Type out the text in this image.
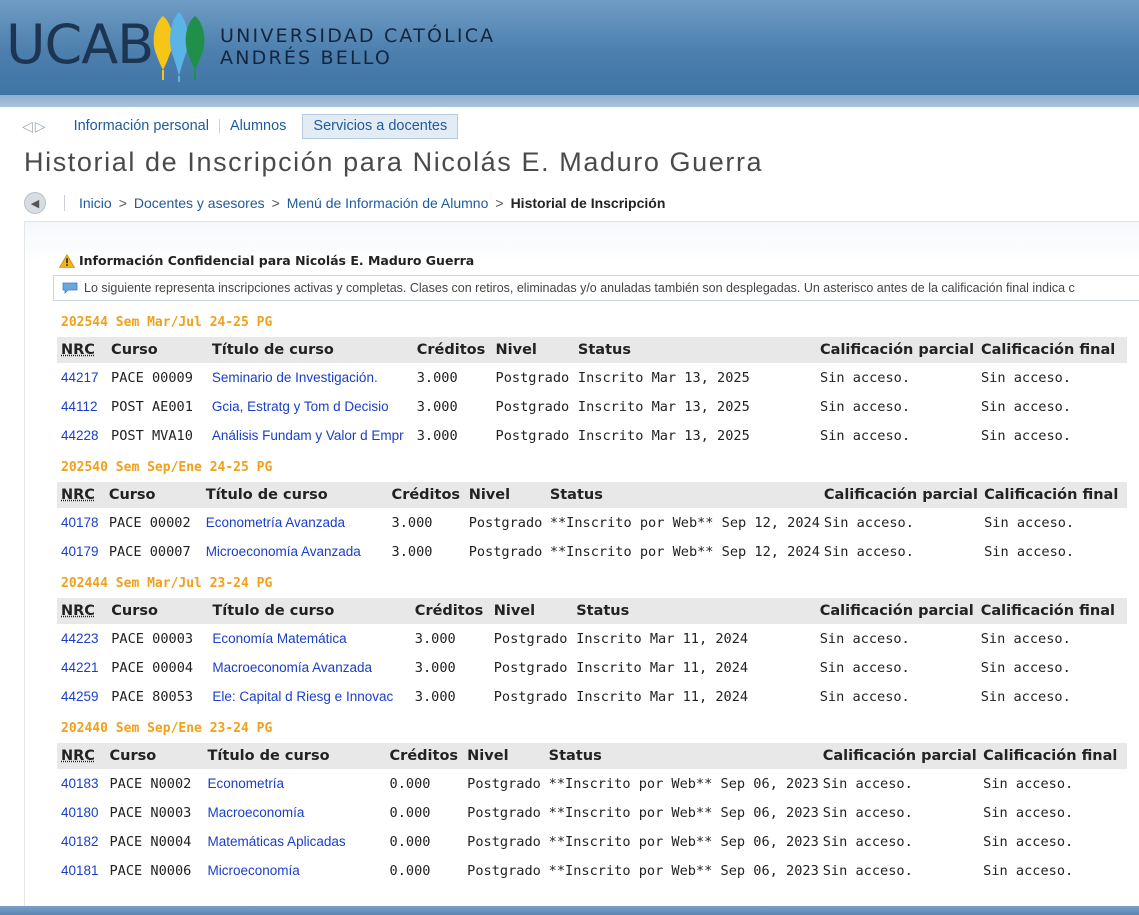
UCAB	UNIVERSIDAD CATÓLICA
ANDRÉS BELLO
◁ ▷	Información personal	Alumnos	Servicios a docentes
Historial de Inscripción para Nicolás E. Maduro Guerra
◀	Inicio > Docentes y asesores > Menú de Información de Alumno > Historial de Inscripción
Información Confidencial para Nicolás E. Maduro Guerra
Lo siguiente representa inscripciones activas y completas. Clases con retiros, eliminadas y/o anuladas también son desplegadas. Un asterisco antes de la calificación final indica c
202544 Sem Mar/Jul 24-25 PG
NRC	Curso	Título de curso	Créditos	Nivel	Status	Calificación parcial	Calificación final
44217	PACE 00009	Seminario de Investigación.	3.000	Postgrado	Inscrito Mar 13, 2025	Sin acceso.	Sin acceso.
44112	POST AE001	Gcia, Estratg y Tom d Decisio	3.000	Postgrado	Inscrito Mar 13, 2025	Sin acceso.	Sin acceso.
44228	POST MVA10	Análisis Fundam y Valor d Empr	3.000	Postgrado	Inscrito Mar 13, 2025	Sin acceso.	Sin acceso.
202540 Sem Sep/Ene 24-25 PG
NRC	Curso	Título de curso	Créditos	Nivel	Status	Calificación parcial	Calificación final
40178	PACE 00002	Econometría Avanzada	3.000	Postgrado	**Inscrito por Web** Sep 12, 2024	Sin acceso.	Sin acceso.
40179	PACE 00007	Microeconomía Avanzada	3.000	Postgrado	**Inscrito por Web** Sep 12, 2024	Sin acceso.	Sin acceso.
202444 Sem Mar/Jul 23-24 PG
NRC	Curso	Título de curso	Créditos	Nivel	Status	Calificación parcial	Calificación final
44223	PACE 00003	Economía Matemática	3.000	Postgrado	Inscrito Mar 11, 2024	Sin acceso.	Sin acceso.
44221	PACE 00004	Macroeconomía Avanzada	3.000	Postgrado	Inscrito Mar 11, 2024	Sin acceso.	Sin acceso.
44259	PACE 80053	Ele: Capital d Riesg e Innovac	3.000	Postgrado	Inscrito Mar 11, 2024	Sin acceso.	Sin acceso.
202440 Sem Sep/Ene 23-24 PG
NRC	Curso	Título de curso	Créditos	Nivel	Status	Calificación parcial	Calificación final
40183	PACE N0002	Econometría	0.000	Postgrado	**Inscrito por Web** Sep 06, 2023	Sin acceso.	Sin acceso.
40180	PACE N0003	Macroeconomía	0.000	Postgrado	**Inscrito por Web** Sep 06, 2023	Sin acceso.	Sin acceso.
40182	PACE N0004	Matemáticas Aplicadas	0.000	Postgrado	**Inscrito por Web** Sep 06, 2023	Sin acceso.	Sin acceso.
40181	PACE N0006	Microeconomía	0.000	Postgrado	**Inscrito por Web** Sep 06, 2023	Sin acceso.	Sin acceso.
